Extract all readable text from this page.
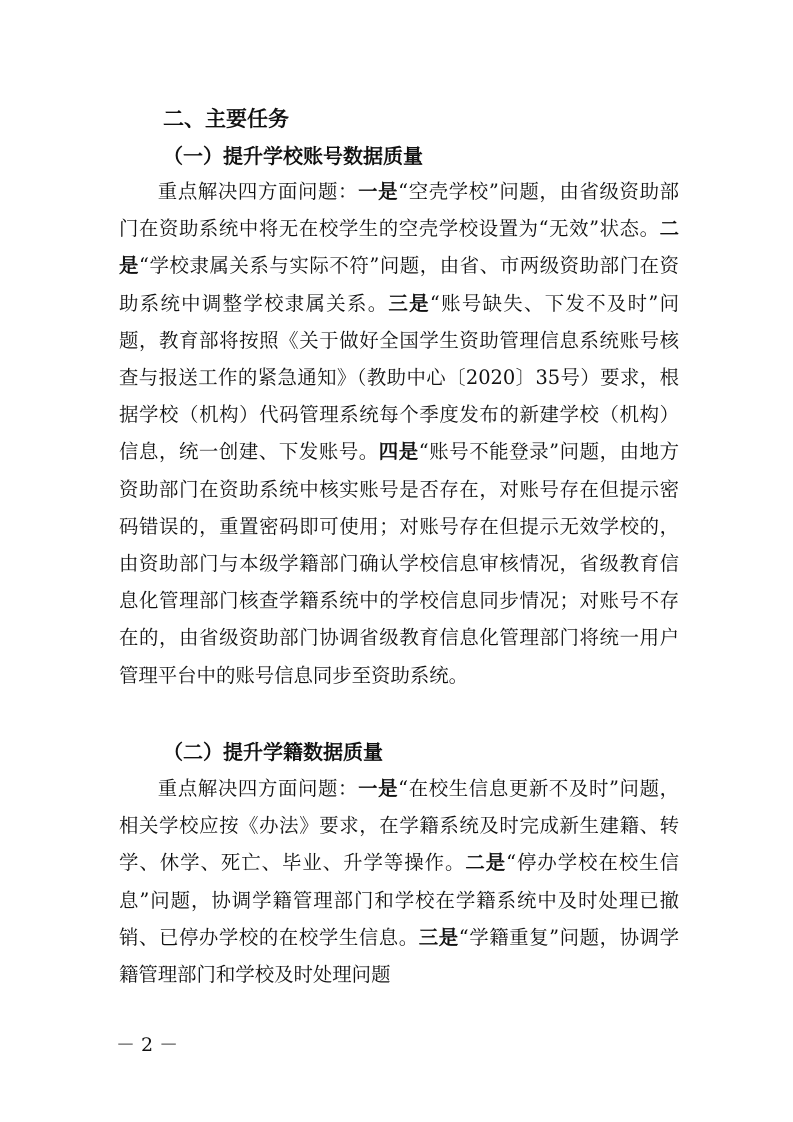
二、主要任务
（一）提升学校账号数据质量

重点解决四方面问题：一是“空壳学校”问题，由省级资助部门在资助系统中将无在校学生的空壳学校设置为“无效”状态。二是“学校隶属关系与实际不符”问题，由省、市两级资助部门在资助系统中调整学校隶属关系。三是“账号缺失、下发不及时”问题，教育部将按照《关于做好全国学生资助管理信息系统账号核查与报送工作的紧急通知》（教助中心〔2020〕35号）要求，根据学校（机构）代码管理系统每个季度发布的新建学校（机构）信息，统一创建、下发账号。四是“账号不能登录”问题，由地方资助部门在资助系统中核实账号是否存在，对账号存在但提示密码错误的，重置密码即可使用；对账号存在但提示无效学校的，由资助部门与本级学籍部门确认学校信息审核情况，省级教育信息化管理部门核查学籍系统中的学校信息同步情况；对账号不存在的，由省级资助部门协调省级教育信息化管理部门将统一用户管理平台中的账号信息同步至资助系统。

（二）提升学籍数据质量

重点解决四方面问题：一是“在校生信息更新不及时”问题，相关学校应按《办法》要求，在学籍系统及时完成新生建籍、转学、休学、死亡、毕业、升学等操作。二是“停办学校在校生信息”问题，协调学籍管理部门和学校在学籍系统中及时处理已撤销、已停办学校的在校学生信息。三是“学籍重复”问题，协调学籍管理部门和学校及时处理问题

－ 2 －
